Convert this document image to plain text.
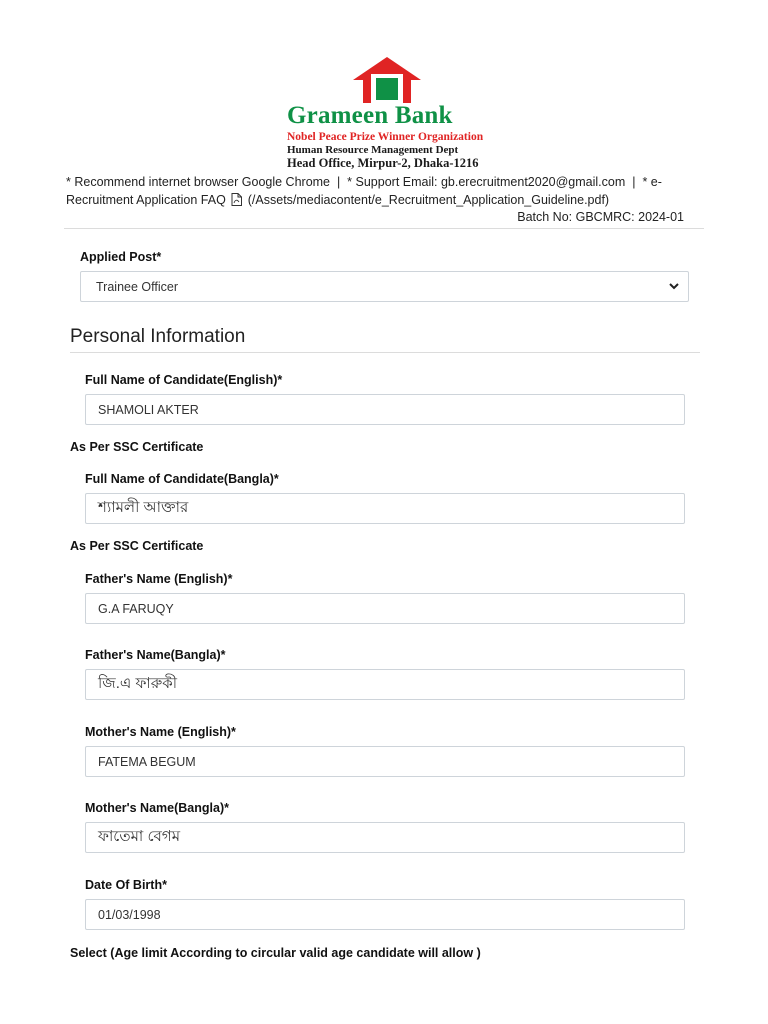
Grameen Bank
Nobel Peace Prize Winner Organization
Human Resource Management Dept
Head Office, Mirpur-2, Dhaka-1216
* Recommend internet browser Google Chrome | * Support Email: gb.erecruitment2020@gmail.com | * e-Recruitment Application FAQ (/Assets/mediacontent/e_Recruitment_Application_Guideline.pdf)
Batch No: GBCMRC: 2024-01
Applied Post*
Trainee Officer
Personal Information
Full Name of Candidate(English)*
SHAMOLI AKTER
As Per SSC Certificate
Full Name of Candidate(Bangla)*
শ্যামলী আক্তার
As Per SSC Certificate
Father's Name (English)*
G.A FARUQY
Father's Name(Bangla)*
জি.এ ফারুকী
Mother's Name (English)*
FATEMA BEGUM
Mother's Name(Bangla)*
ফাতেমা বেগম
Date Of Birth*
01/03/1998
Select (Age limit According to circular valid age candidate will allow )
